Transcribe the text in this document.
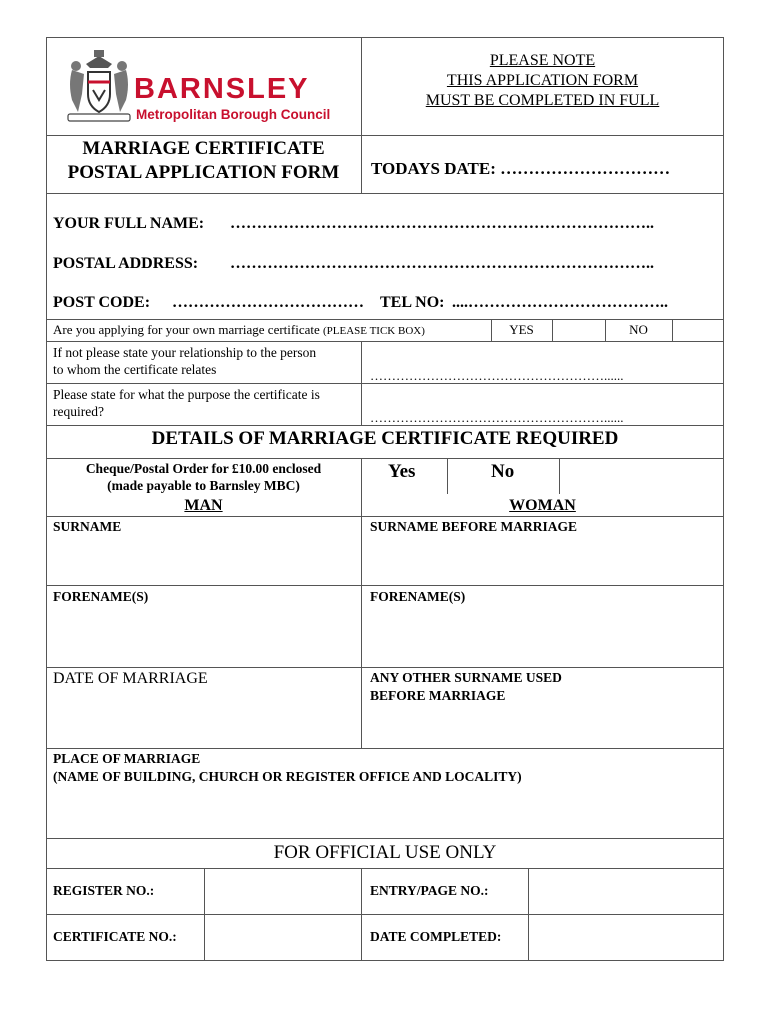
BARNSLEY
Metropolitan Borough Council
PLEASE NOTE
THIS APPLICATION FORM
MUST BE COMPLETED IN FULL
MARRIAGE CERTIFICATE
POSTAL APPLICATION FORM	TODAYS DATE: …………………………
YOUR FULL NAME: ……………………………………………………………………..
POSTAL ADDRESS: ……………………………………………………………………..
POST CODE: ……………………………… TEL NO: ....………………………………..
Are you applying for your own marriage certificate (PLEASE TICK BOX)	YES	NO
If not please state your relationship to the person
to whom the certificate relates	………………………………………………......
Please state for what the purpose the certificate is
required?	………………………………………………......
DETAILS OF MARRIAGE CERTIFICATE REQUIRED
Cheque/Postal Order for £10.00 enclosed
(made payable to Barnsley MBC)
Yes	No
MAN	WOMAN
SURNAME	SURNAME BEFORE MARRIAGE
FORENAME(S)	FORENAME(S)
DATE OF MARRIAGE	ANY OTHER SURNAME USED
BEFORE MARRIAGE
PLACE OF MARRIAGE
(NAME OF BUILDING, CHURCH OR REGISTER OFFICE AND LOCALITY)
FOR OFFICIAL USE ONLY
REGISTER NO.:	ENTRY/PAGE NO.:
CERTIFICATE NO.:	DATE COMPLETED:
